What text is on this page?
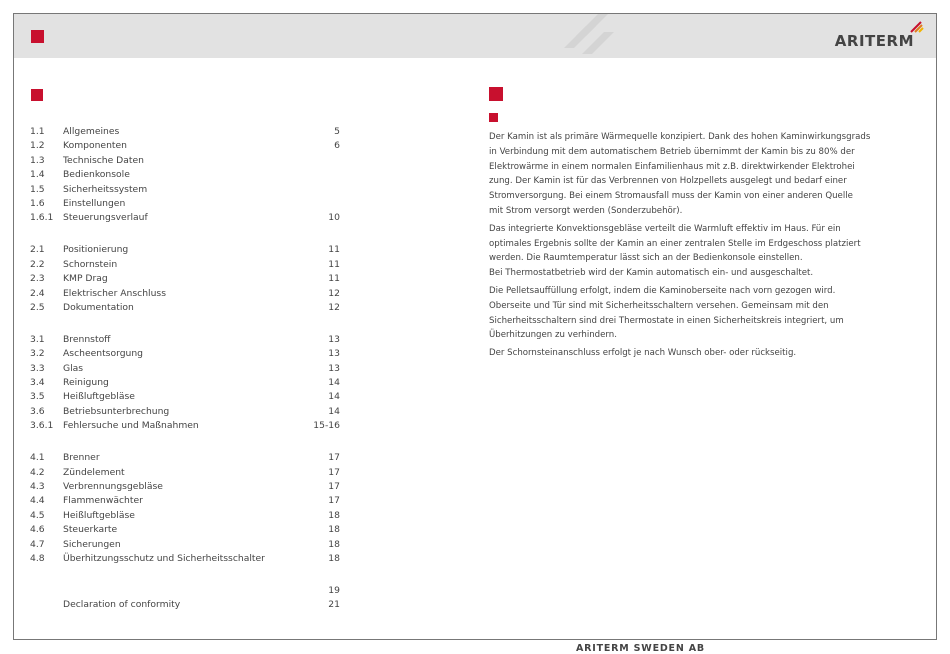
ARITERM
1.1 Allgemeines	5
1.2 Komponenten	6
1.3 Technische Daten
1.4 Bedienkonsole
1.5 Sicherheitssystem
1.6 Einstellungen
1.6.1 Steuerungsverlauf	10
2.1 Positionierung	11
2.2 Schornstein	11
2.3 KMP Drag	11
2.4 Elektrischer Anschluss	12
2.5 Dokumentation	12
3.1 Brennstoff	13
3.2 Ascheentsorgung	13
3.3 Glas	13
3.4 Reinigung	14
3.5 Heißluftgebläse	14
3.6 Betriebsunterbrechung	14
3.6.1 Fehlersuche und Maßnahmen	15-16
4.1 Brenner	17
4.2 Zündelement	17
4.3 Verbrennungsgebläse	17
4.4 Flammenwächter	17
4.5 Heißluftgebläse	18
4.6 Steuerkarte	18
4.7 Sicherungen	18
4.8 Überhitzungsschutz und Sicherheitsschalter	18
19
Declaration of conformity	21

Der Kamin ist als primäre Wärmequelle konzipiert. Dank des hohen Kaminwirkungsgrads
in Verbindung mit dem automatischem Betrieb übernimmt der Kamin bis zu 80% der
Elektrowärme in einem normalen Einfamilienhaus mit z.B. direktwirkender Elektrohei
zung. Der Kamin ist für das Verbrennen von Holzpellets ausgelegt und bedarf einer
Stromversorgung. Bei einem Stromausfall muss der Kamin von einer anderen Quelle
mit Strom versorgt werden (Sonderzubehör).

Das integrierte Konvektionsgebläse verteilt die Warmluft effektiv im Haus. Für ein
optimales Ergebnis sollte der Kamin an einer zentralen Stelle im Erdgeschoss platziert
werden. Die Raumtemperatur lässt sich an der Bedienkonsole einstellen.
Bei Thermostatbetrieb wird der Kamin automatisch ein- und ausgeschaltet.

Die Pelletsauffüllung erfolgt, indem die Kaminoberseite nach vorn gezogen wird.
Oberseite und Tür sind mit Sicherheitsschaltern versehen. Gemeinsam mit den
Sicherheitsschaltern sind drei Thermostate in einen Sicherheitskreis integriert, um
Überhitzungen zu verhindern.

Der Schornsteinanschluss erfolgt je nach Wunsch ober- oder rückseitig.

ARITERM SWEDEN AB
